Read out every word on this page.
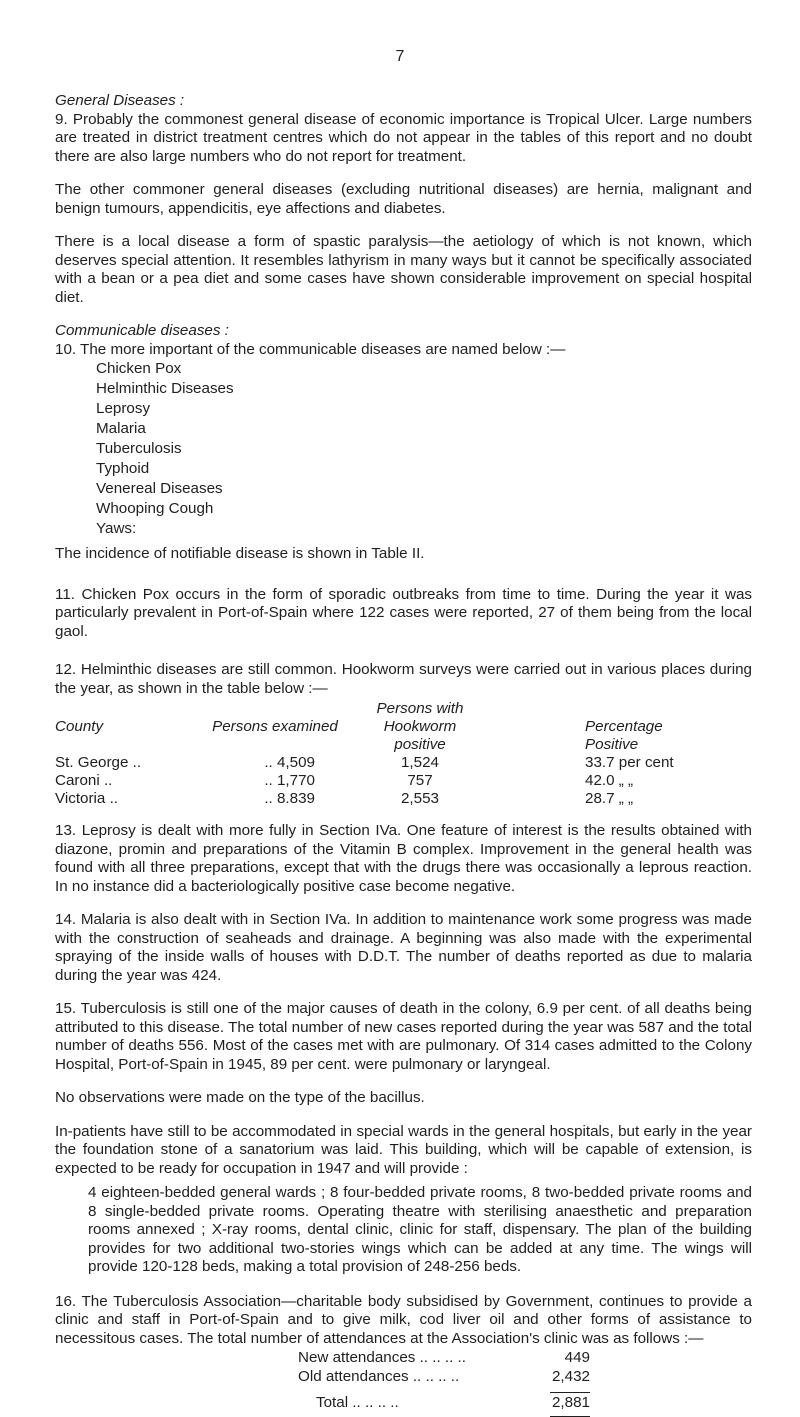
7

General Diseases :

9. Probably the commonest general disease of economic importance is Tropical Ulcer. Large numbers are treated in district treatment centres which do not appear in the tables of this report and no doubt there are also large numbers who do not report for treatment.

The other commoner general diseases (excluding nutritional diseases) are hernia, malignant and benign tumours, appendicitis, eye affections and diabetes.

There is a local disease a form of spastic paralysis—the aetiology of which is not known, which deserves special attention. It resembles lathyrism in many ways but it cannot be specifically associated with a bean or a pea diet and some cases have shown considerable improvement on special hospital diet.

Communicable diseases :

10. The more important of the communicable diseases are named below :—

Chicken Pox
Helminthic Diseases
Leprosy
Malaria
Tuberculosis
Typhoid
Venereal Diseases
Whooping Cough
Yaws:

The incidence of notifiable disease is shown in Table II.

11. Chicken Pox occurs in the form of sporadic outbreaks from time to time. During the year it was particularly prevalent in Port-of-Spain where 122 cases were reported, 27 of them being from the local gaol.

12. Helminthic diseases are still common. Hookworm surveys were carried out in various places during the year, as shown in the table below :—

		Persons with	
County	Persons examined	Hookworm	Percentage
		positive	Positive
St. George ..	.. 4,509	1,524	33.7 per cent
Caroni ..	.. 1,770	757	42.0 „ „
Victoria ..	.. 8.839	2,553	28.7 „ „

13. Leprosy is dealt with more fully in Section IVa. One feature of interest is the results obtained with diazone, promin and preparations of the Vitamin B complex. Improvement in the general health was found with all three preparations, except that with the drugs there was occasionally a leprous reaction. In no instance did a bacteriologically positive case become negative.

14. Malaria is also dealt with in Section IVa. In addition to maintenance work some progress was made with the construction of seaheads and drainage. A beginning was also made with the experimental spraying of the inside walls of houses with D.D.T. The number of deaths reported as due to malaria during the year was 424.

15. Tuberculosis is still one of the major causes of death in the colony, 6.9 per cent. of all deaths being attributed to this disease. The total number of new cases reported during the year was 587 and the total number of deaths 556. Most of the cases met with are pulmonary. Of 314 cases admitted to the Colony Hospital, Port-of-Spain in 1945, 89 per cent. were pulmonary or laryngeal.

No observations were made on the type of the bacillus.

In-patients have still to be accommodated in special wards in the general hospitals, but early in the year the foundation stone of a sanatorium was laid. This building, which will be capable of extension, is expected to be ready for occupation in 1947 and will provide :

4 eighteen-bedded general wards ; 8 four-bedded private rooms, 8 two-bedded private rooms and 8 single-bedded private rooms. Operating theatre with sterilising anaesthetic and preparation rooms annexed ; X-ray rooms, dental clinic, clinic for staff, dispensary. The plan of the building provides for two additional two-stories wings which can be added at any time. The wings will provide 120-128 beds, making a total provision of 248-256 beds.

16. The Tuberculosis Association—charitable body subsidised by Government, continues to provide a clinic and staff in Port-of-Spain and to give milk, cod liver oil and other forms of assistance to necessitous cases. The total number of attendances at the Association's clinic was as follows :—

New attendances .. .. .. ..	449
Old attendances .. .. .. ..	2,432

Total .. .. .. ..	2,881
